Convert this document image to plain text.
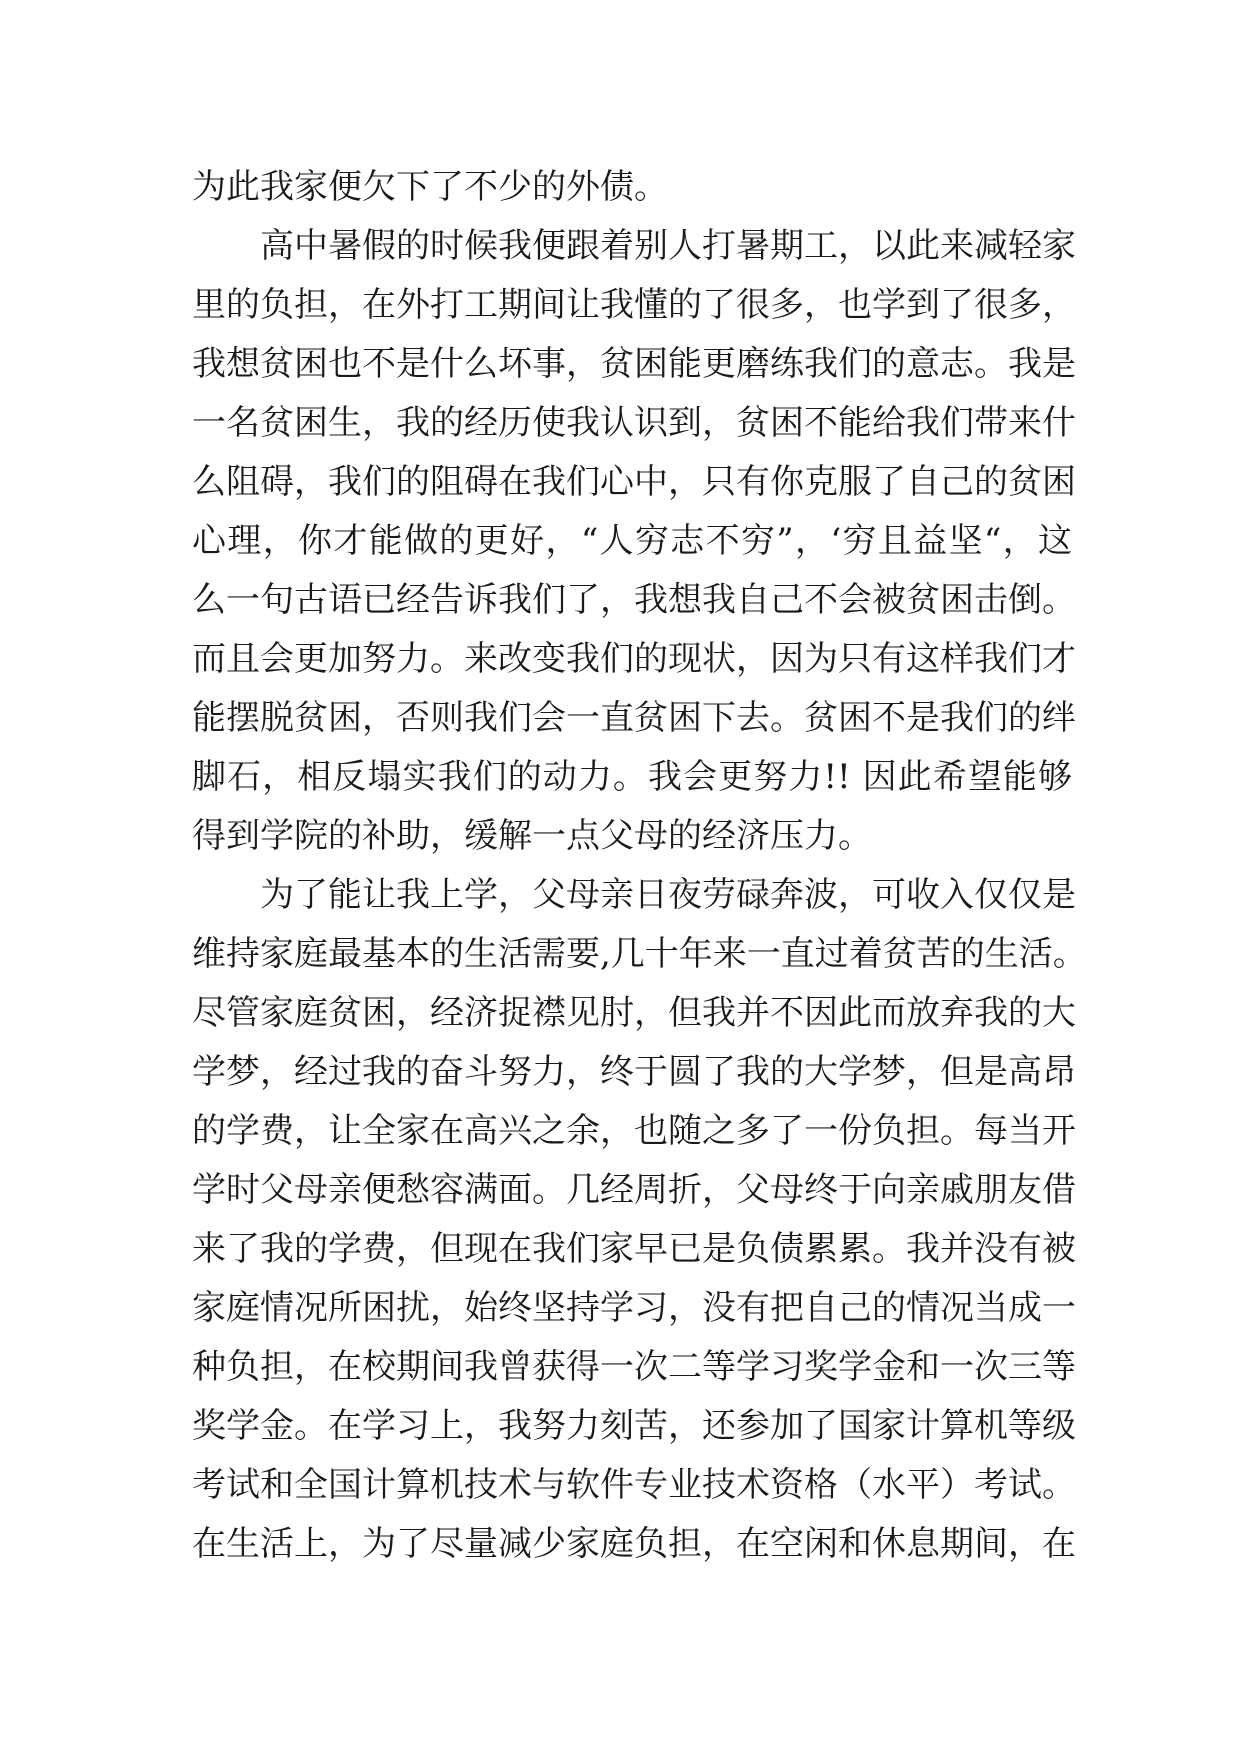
为此我家便欠下了不少的外债。
高中暑假的时候我便跟着别人打暑期工，以此来减轻家
里的负担，在外打工期间让我懂的了很多，也学到了很多，
我想贫困也不是什么坏事，贫困能更磨练我们的意志。我是
一名贫困生，我的经历使我认识到，贫困不能给我们带来什
么阻碍，我们的阻碍在我们心中，只有你克服了自己的贫困
心理，你才能做的更好，“人穷志不穷”，‘穷且益坚“，这
么一句古语已经告诉我们了，我想我自己不会被贫困击倒。
而且会更加努力。来改变我们的现状，因为只有这样我们才
能摆脱贫困，否则我们会一直贫困下去。贫困不是我们的绊
脚石，相反塌实我们的动力。我会更努力!! 因此希望能够
得到学院的补助，缓解一点父母的经济压力。
为了能让我上学，父母亲日夜劳碌奔波，可收入仅仅是
维持家庭最基本的生活需要,几十年来一直过着贫苦的生活。
尽管家庭贫困，经济捉襟见肘，但我并不因此而放弃我的大
学梦，经过我的奋斗努力，终于圆了我的大学梦，但是高昂
的学费，让全家在高兴之余，也随之多了一份负担。每当开
学时父母亲便愁容满面。几经周折，父母终于向亲戚朋友借
来了我的学费，但现在我们家早已是负债累累。我并没有被
家庭情况所困扰，始终坚持学习，没有把自己的情况当成一
种负担，在校期间我曾获得一次二等学习奖学金和一次三等
奖学金。在学习上，我努力刻苦，还参加了国家计算机等级
考试和全国计算机技术与软件专业技术资格（水平）考试。
在生活上，为了尽量减少家庭负担，在空闲和休息期间，在
